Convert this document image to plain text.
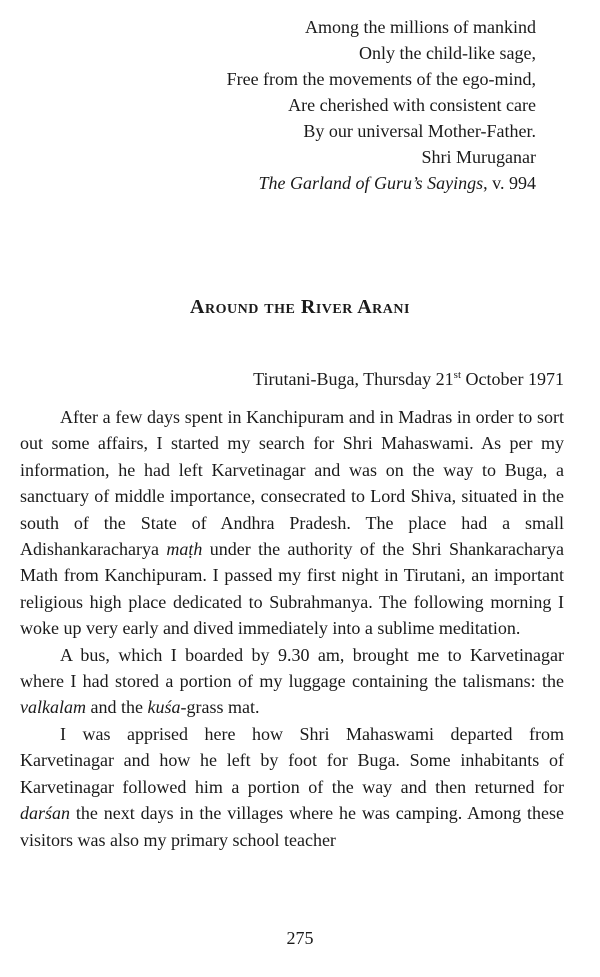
Among the millions of mankind
Only the child-like sage,
Free from the movements of the ego-mind,
Are cherished with consistent care
By our universal Mother-Father.
Shri Muruganar
The Garland of Guru’s Sayings, v. 994
Around the River Arani
Tirutani-Buga, Thursday 21st October 1971

After a few days spent in Kanchipuram and in Madras in order to sort out some affairs, I started my search for Shri Mahaswami. As per my information, he had left Karvetinagar and was on the way to Buga, a sanctuary of middle importance, consecrated to Lord Shiva, situated in the south of the State of Andhra Pradesh. The place had a small Adishankaracharya maṭh under the authority of the Shri Shankaracharya Math from Kanchipuram. I passed my first night in Tirutani, an important religious high place dedicated to Subrahmanya. The following morning I woke up very early and dived immediately into a sublime meditation.

A bus, which I boarded by 9.30 am, brought me to Karvetinagar where I had stored a portion of my luggage containing the talismans: the valkalam and the kuśa-grass mat.

I was apprised here how Shri Mahaswami departed from Karvetinagar and how he left by foot for Buga. Some inhabitants of Karvetinagar followed him a portion of the way and then returned for darśan the next days in the villages where he was camping. Among these visitors was also my primary school teacher

275
